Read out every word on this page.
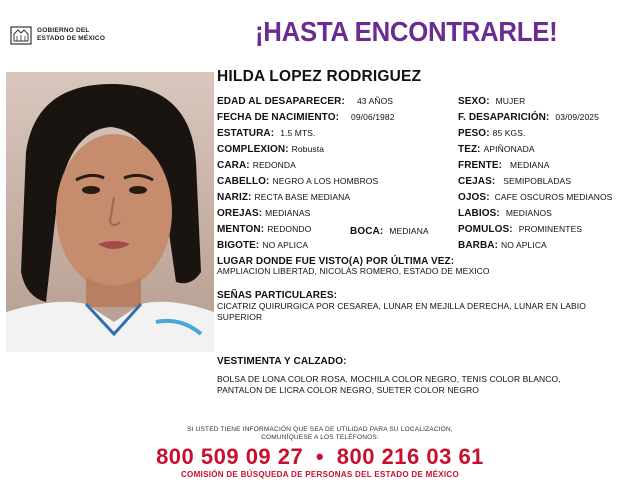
GOBIERNO DEL
ESTADO DE MÉXICO	¡HASTA ENCONTRARLE!
HILDA LOPEZ RODRIGUEZ
EDAD AL DESAPARECER: 43 AÑOS
FECHA DE NACIMIENTO: 09/06/1982
ESTATURA: 1.5 MTS.
COMPLEXION: Robusta
CARA: REDONDA
CABELLO: NEGRO A LOS HOMBROS
NARIZ: RECTA BASE MEDIANA
OREJAS: MEDIANAS
MENTON: REDONDO
BIGOTE: NO APLICA
BOCA: MEDIANA
SEXO: MUJER
F. DESAPARICIÓN: 03/09/2025
PESO: 85 KGS.
TEZ: APIÑONADA
FRENTE: MEDIANA
CEJAS: SEMIPOBLADAS
OJOS: CAFE OSCUROS MEDIANOS
LABIOS: MEDIANOS
POMULOS: PROMINENTES
BARBA: NO APLICA
LUGAR DONDE FUE VISTO(A) POR ÚLTIMA VEZ:
AMPLIACION LIBERTAD, NICOLÁS ROMERO, ESTADO DE MEXICO
SEÑAS PARTICULARES:
CICATRIZ QUIRURGICA POR CESAREA, LUNAR EN MEJILLA DERECHA, LUNAR EN LABIO
SUPERIOR
VESTIMENTA Y CALZADO:
BOLSA DE LONA COLOR ROSA, MOCHILA COLOR NEGRO, TENIS COLOR BLANCO,
PANTALON DE LICRA COLOR NEGRO, SUETER COLOR NEGRO
SI USTED TIENE INFORMACIÓN QUE SEA DE UTILIDAD PARA SU LOCALIZACIÓN,
COMUNÍQUESE A LOS TELÉFONOS:
800 509 09 27 • 800 216 03 61
COMISIÓN DE BÚSQUEDA DE PERSONAS DEL ESTADO DE MÉXICO
